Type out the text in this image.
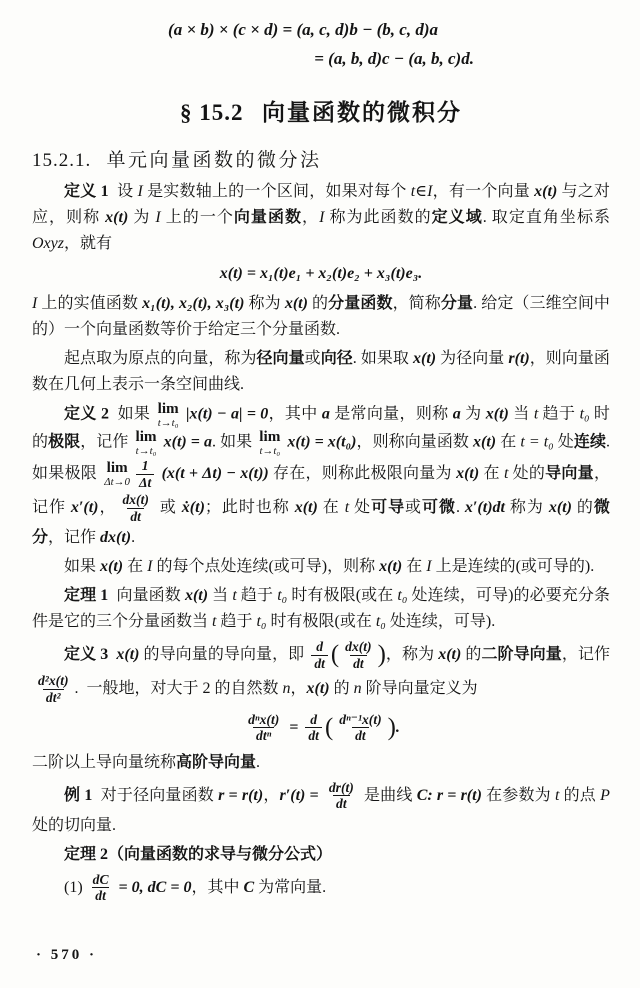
(a × b) × (c × d) = (a, c, d)b − (b, c, d)a
= (a, b, d)c − (a, b, c)d.
§ 15.2 向量函数的微积分
15.2.1. 单元向量函数的微分法

定义 1  设 I 是实数轴上的一个区间，如果对每个 t∈I，有一个向量 x(t) 与之对应，则称 x(t) 为 I 上的一个向量函数，I 称为此函数的定义域. 取定直角坐标系 Oxyz，就有

x(t) = x₁(t)e₁ + x₂(t)e₂ + x₃(t)e₃.

I 上的实值函数 x₁(t), x₂(t), x₃(t) 称为 x(t) 的分量函数，简称分量. 给定（三维空间中的）一个向量函数等价于给定三个分量函数.

起点取为原点的向量，称为径向量或向径. 如果取 x(t) 为径向量 r(t)，则向量函数在几何上表示一条空间曲线.

定义 2  如果 lim
t→t₀
|x(t) − a| = 0，其中 a 是常向量，则称 a 为 x(t) 当 t 趋于 t₀ 时的极限，记作 lim
t→t₀
x(t) = a. 如果 lim
t→t₀
x(t) = x(t₀)，则称向量函数 x(t) 在 t = t₀ 处连续. 如果极限 lim
$\Delta t\to 0 \frac{1}{\Delta t} (x(t + \Delta t) - x(t))$ 存在，则称此极限向量为 x(t) 在 t 处的导向量，记作 x′(t)， $\frac{dx(t)}{dt}$ 或 ẋ(t)；此时也称 x(t) 在 t 处可导或可微. x′(t)dt 称为 x(t) 的微分，记作 dx(t).

如果 x(t) 在 I 的每个点处连续(或可导)，则称 x(t) 在 I 上是连续的(或可导的).

定理 1  向量函数 x(t) 当 t 趋于 t₀ 时有极限(或在 t₀ 处连续，可导)的必要充分条件是它的三个分量函数当 t 趋于 t₀ 时有极限(或在 t₀ 处连续，可导).

定义 3 x(t) 的导向量的导向量，即 $\frac{d}{dt}$ ( $\frac{dx(t)}{dt}$ )，称为 x(t) 的二阶导向量，记作
$\frac{\text{d²x(t)}}{\text{dt²}}$ .  一般地，对大于 2 的自然数 n，x(t) 的 n 阶导向量定义为

$\frac{\text{dⁿx(t)}}{\text{dtⁿ}} = \frac{d}{dt}$ ( $\frac{\text{dⁿ⁻¹x(t)}}{dt}$ ).

二阶以上导向量统称高阶导向量.

例 1  对于径向量函数 r = r(t)，$r'(t) = \frac{dr(t)}{dt}$ 是曲线 C: r = r(t) 在参数为 t 的点 P 处的切向量.

定理 2（向量函数的求导与微分公式）

$(1) \frac{dC}{dt} = 0$, dC = 0，其中 C 为常向量.

· 570 ·
